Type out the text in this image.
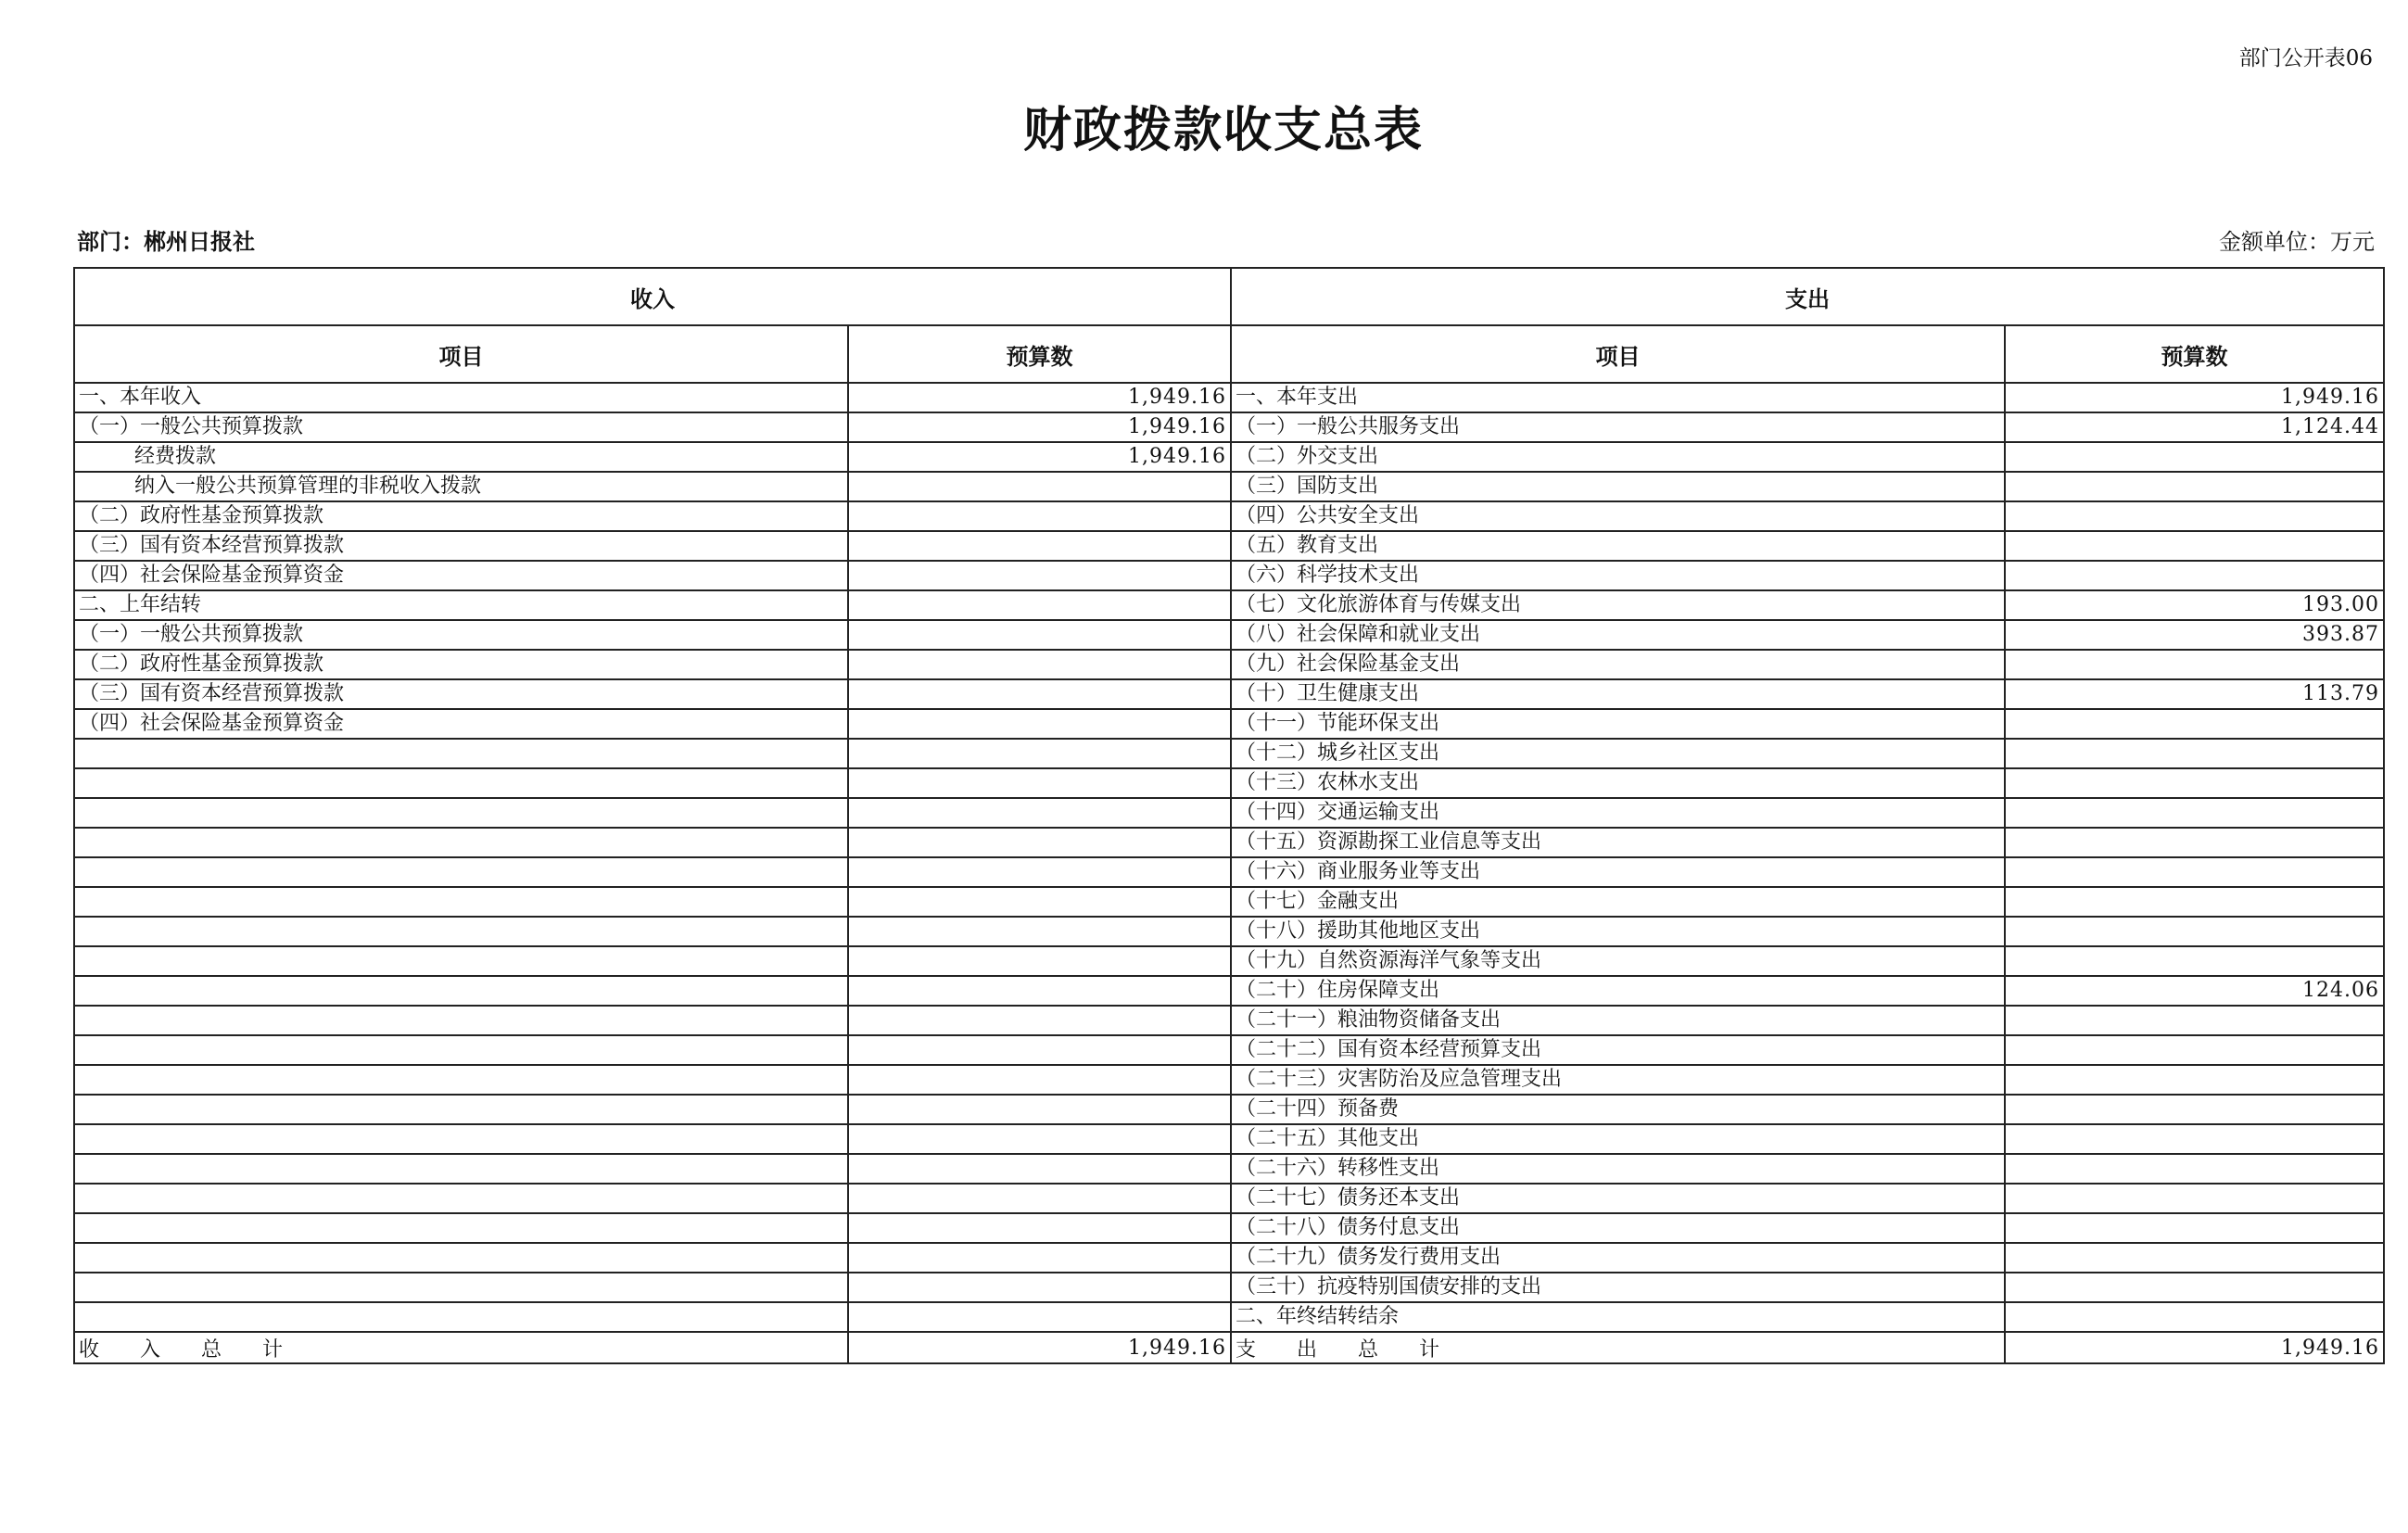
部门公开表06
财政拨款收支总表
部门：郴州日报社	金额单位：万元
收入		支出	
项目	预算数	项目	预算数
一、本年收入	1,949.16	一、本年支出	1,949.16
（一）一般公共预算拨款	1,949.16	（一）一般公共服务支出	1,124.44
经费拨款	1,949.16	（二）外交支出	
纳入一般公共预算管理的非税收入拨款		（三）国防支出	
（二）政府性基金预算拨款		（四）公共安全支出	
（三）国有资本经营预算拨款		（五）教育支出	
（四）社会保险基金预算资金		（六）科学技术支出	
二、上年结转		（七）文化旅游体育与传媒支出	193.00
（一）一般公共预算拨款		（八）社会保障和就业支出	393.87
（二）政府性基金预算拨款		（九）社会保险基金支出	
（三）国有资本经营预算拨款		（十）卫生健康支出	113.79
（四）社会保险基金预算资金		（十一）节能环保支出	
		（十二）城乡社区支出	
		（十三）农林水支出	
		（十四）交通运输支出	
		（十五）资源勘探工业信息等支出	
		（十六）商业服务业等支出	
		（十七）金融支出	
		（十八）援助其他地区支出	
		（十九）自然资源海洋气象等支出	
		（二十）住房保障支出	124.06
		（二十一）粮油物资储备支出	
		（二十二）国有资本经营预算支出	
		（二十三）灾害防治及应急管理支出	
		（二十四）预备费	
		（二十五）其他支出	
		（二十六）转移性支出	
		（二十七）债务还本支出	
		（二十八）债务付息支出	
		（二十九）债务发行费用支出	
		（三十）抗疫特别国债安排的支出	
		二、年终结转结余	
收　　入　　总　　计	1,949.16	支　　出　　总　　计	1,949.16
